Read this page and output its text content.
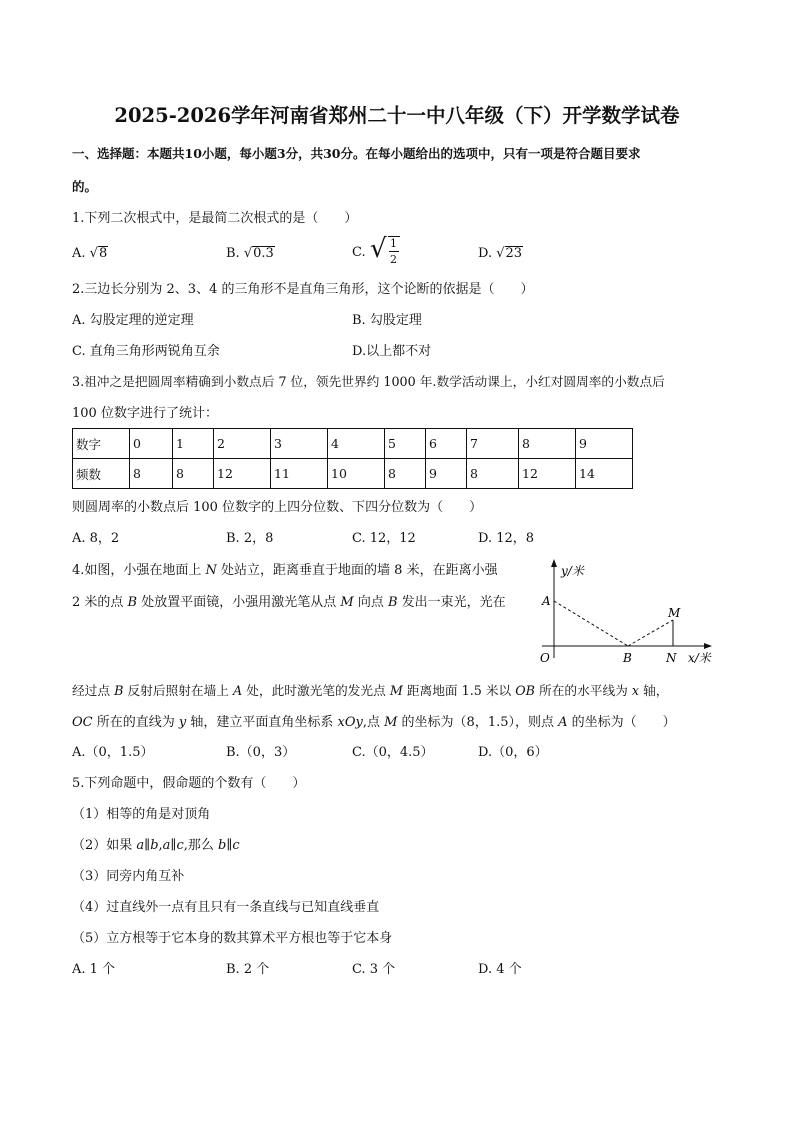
2025-2026学年河南省郑州二十一中八年级（下）开学数学试卷
一、选择题：本题共10小题，每小题3分，共30分。在每小题给出的选项中，只有一项是符合题目要求
的。
1.下列二次根式中，是最简二次根式的是（　　）
A. √8	B. √0.3	C. √ 1
2	D. √23
2.三边长分别为 2、3、4 的三角形不是直角三角形，这个论断的依据是（　　）
A. 勾股定理的逆定理	B. 勾股定理
C. 直角三角形两锐角互余	D.以上都不对
3.祖冲之是把圆周率精确到小数点后 7 位，领先世界约 1000 年.数学活动课上，小红对圆周率的小数点后
100 位数字进行了统计：
数字	0	1	2	3	4	5	6	7	8	9
频数	8	8	12	11	10	8	9	8	12	14
则圆周率的小数点后 100 位数字的上四分位数、下四分位数为（　　）
A. 8，2	B. 2，8	C. 12，12	D. 12，8
4.如图，小强在地面上 N 处站立，距离垂直于地面的墙 8 米，在距离小强
2 米的点 B 处放置平面镜，小强用激光笔从点 M 向点 B 发出一束光，光在
y/米
A
O	B	N
M
x/米
经过点 B 反射后照射在墙上 A 处，此时激光笔的发光点 M 距离地面 1.5 米以 OB 所在的水平线为 x 轴，
OC 所在的直线为 y 轴，建立平面直角坐标系 xOy,点 M 的坐标为（8，1.5），则点 A 的坐标为（　　）
A.（0，1.5）	B.（0，3）	C.（0，4.5）	D.（0，6）
5.下列命题中，假命题的个数有（　　）
（1）相等的角是对顶角
（2）如果 a∥b,a∥c,那么 b∥c
（3）同旁内角互补
（4）过直线外一点有且只有一条直线与已知直线垂直
（5）立方根等于它本身的数其算术平方根也等于它本身
A. 1 个	B. 2 个	C. 3 个	D. 4 个
